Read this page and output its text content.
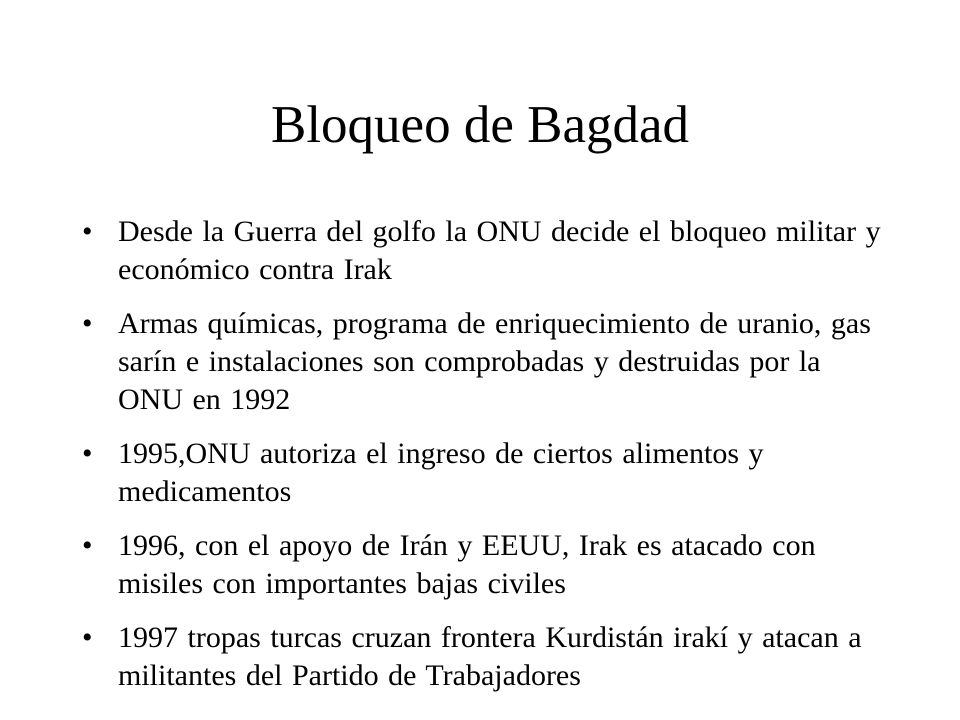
Bloqueo de Bagdad
• Desde la Guerra del golfo la ONU decide el bloqueo militar y económico contra Irak
• Armas químicas, programa de enriquecimiento de uranio, gas sarín e instalaciones son comprobadas y destruidas por la ONU en 1992
• 1995,ONU autoriza el ingreso de ciertos alimentos y medicamentos
• 1996, con el apoyo de Irán y EEUU, Irak es atacado con misiles con importantes bajas civiles
• 1997 tropas turcas cruzan frontera Kurdistán irakí y atacan a militantes del Partido de Trabajadores
